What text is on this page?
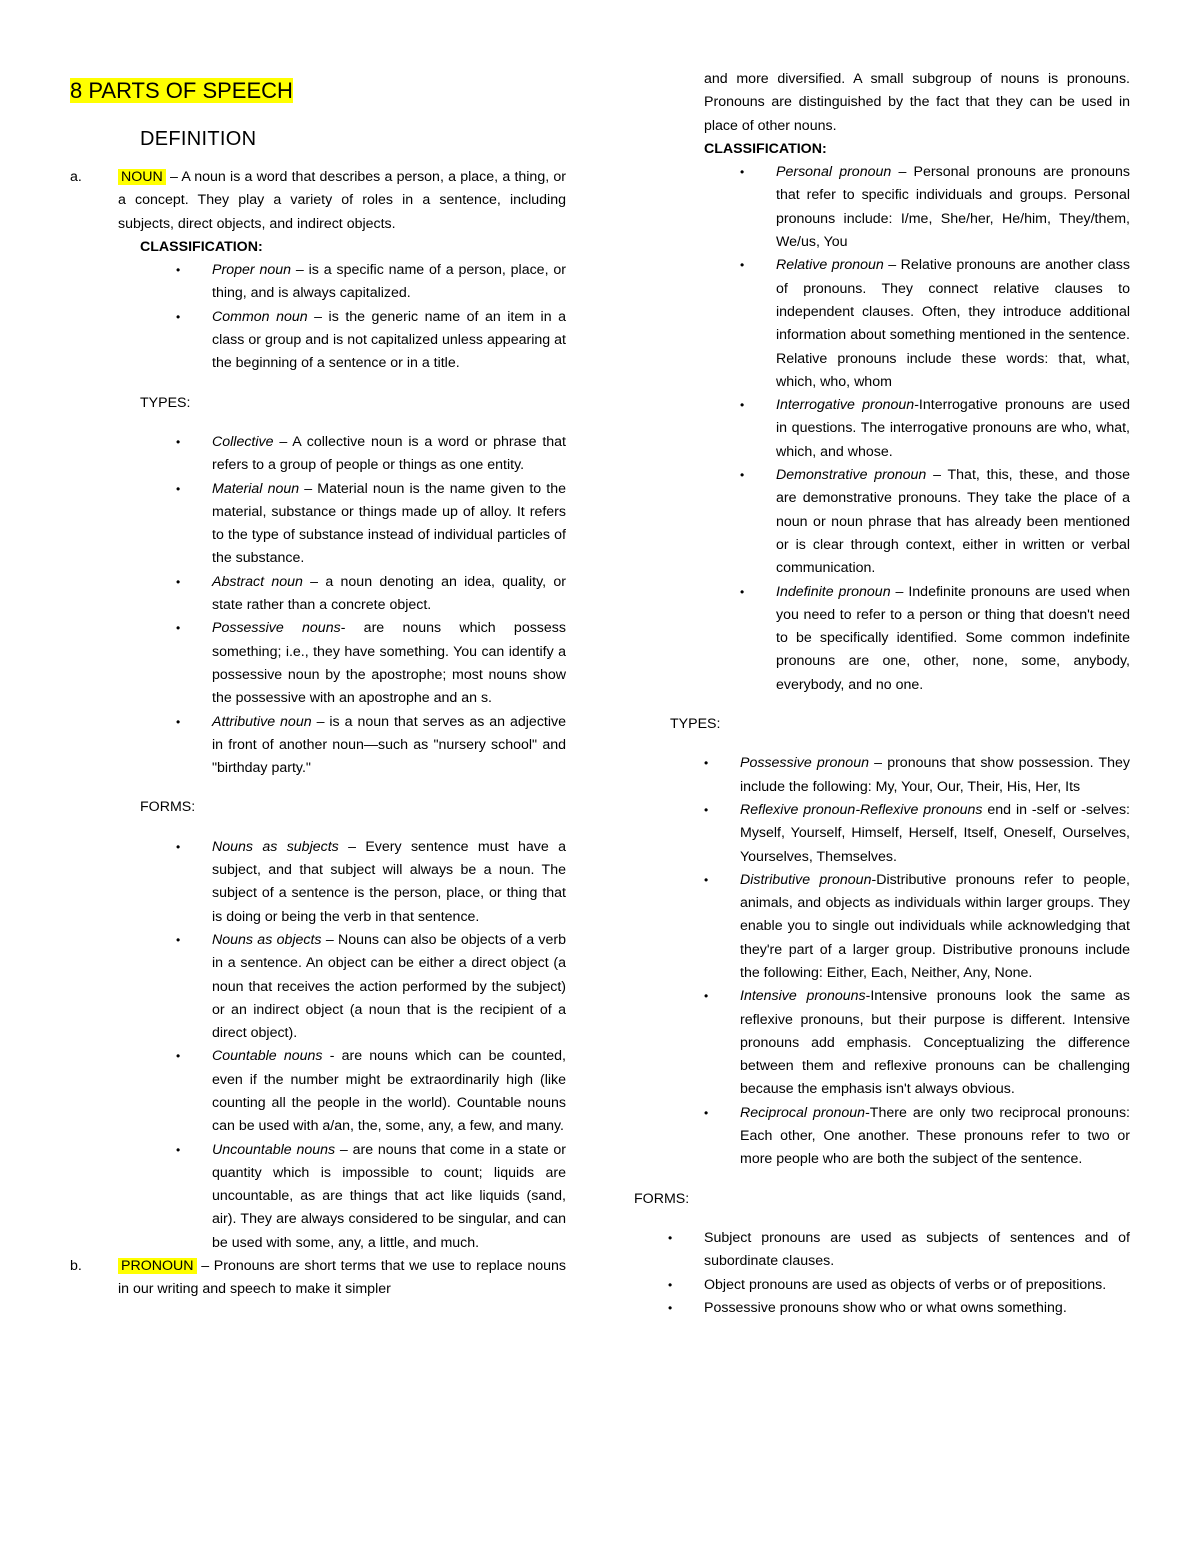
8 PARTS OF SPEECH
DEFINITION
a.	NOUN – A noun is a word that describes a person, a place, a thing, or a concept. They play a variety of roles in a sentence, including subjects, direct objects, and indirect objects.
CLASSIFICATION:
• Proper noun – is a specific name of a person, place, or thing, and is always capitalized.
• Common noun – is the generic name of an item in a class or group and is not capitalized unless appearing at the beginning of a sentence or in a title.
TYPES:
• Collective – A collective noun is a word or phrase that refers to a group of people or things as one entity.
• Material noun – Material noun is the name given to the material, substance or things made up of alloy. It refers to the type of substance instead of individual particles of the substance.
• Abstract noun – a noun denoting an idea, quality, or state rather than a concrete object.
• Possessive nouns- are nouns which possess something; i.e., they have something. You can identify a possessive noun by the apostrophe; most nouns show the possessive with an apostrophe and an s.
• Attributive noun – is a noun that serves as an adjective in front of another noun—such as "nursery school" and "birthday party."
FORMS:
• Nouns as subjects – Every sentence must have a subject, and that subject will always be a noun. The subject of a sentence is the person, place, or thing that is doing or being the verb in that sentence.
• Nouns as objects – Nouns can also be objects of a verb in a sentence. An object can be either a direct object (a noun that receives the action performed by the subject) or an indirect object (a noun that is the recipient of a direct object).
• Countable nouns - are nouns which can be counted, even if the number might be extraordinarily high (like counting all the people in the world). Countable nouns can be used with a/an, the, some, any, a few, and many.
• Uncountable nouns – are nouns that come in a state or quantity which is impossible to count; liquids are uncountable, as are things that act like liquids (sand, air). They are always considered to be singular, and can be used with some, any, a little, and much.
b.	PRONOUN – Pronouns are short terms that we use to replace nouns in our writing and speech to make it simpler
and more diversified. A small subgroup of nouns is pronouns. Pronouns are distinguished by the fact that they can be used in place of other nouns.
CLASSIFICATION:
• Personal pronoun – Personal pronouns are pronouns that refer to specific individuals and groups. Personal pronouns include: I/me, She/her, He/him, They/them, We/us, You
• Relative pronoun – Relative pronouns are another class of pronouns. They connect relative clauses to independent clauses. Often, they introduce additional information about something mentioned in the sentence. Relative pronouns include these words: that, what, which, who, whom
• Interrogative pronoun-Interrogative pronouns are used in questions. The interrogative pronouns are who, what, which, and whose.
• Demonstrative pronoun – That, this, these, and those are demonstrative pronouns. They take the place of a noun or noun phrase that has already been mentioned or is clear through context, either in written or verbal communication.
• Indefinite pronoun – Indefinite pronouns are used when you need to refer to a person or thing that doesn't need to be specifically identified. Some common indefinite pronouns are one, other, none, some, anybody, everybody, and no one.
TYPES:
• Possessive pronoun – pronouns that show possession. They include the following: My, Your, Our, Their, His, Her, Its
• Reflexive pronoun-Reflexive pronouns end in -self or -selves: Myself, Yourself, Himself, Herself, Itself, Oneself, Ourselves, Yourselves, Themselves.
• Distributive pronoun-Distributive pronouns refer to people, animals, and objects as individuals within larger groups. They enable you to single out individuals while acknowledging that they're part of a larger group. Distributive pronouns include the following: Either, Each, Neither, Any, None.
• Intensive pronouns-Intensive pronouns look the same as reflexive pronouns, but their purpose is different. Intensive pronouns add emphasis. Conceptualizing the difference between them and reflexive pronouns can be challenging because the emphasis isn't always obvious.
• Reciprocal pronoun-There are only two reciprocal pronouns: Each other, One another. These pronouns refer to two or more people who are both the subject of the sentence.
FORMS:
• Subject pronouns are used as subjects of sentences and of subordinate clauses.
• Object pronouns are used as objects of verbs or of prepositions.
• Possessive pronouns show who or what owns something.
